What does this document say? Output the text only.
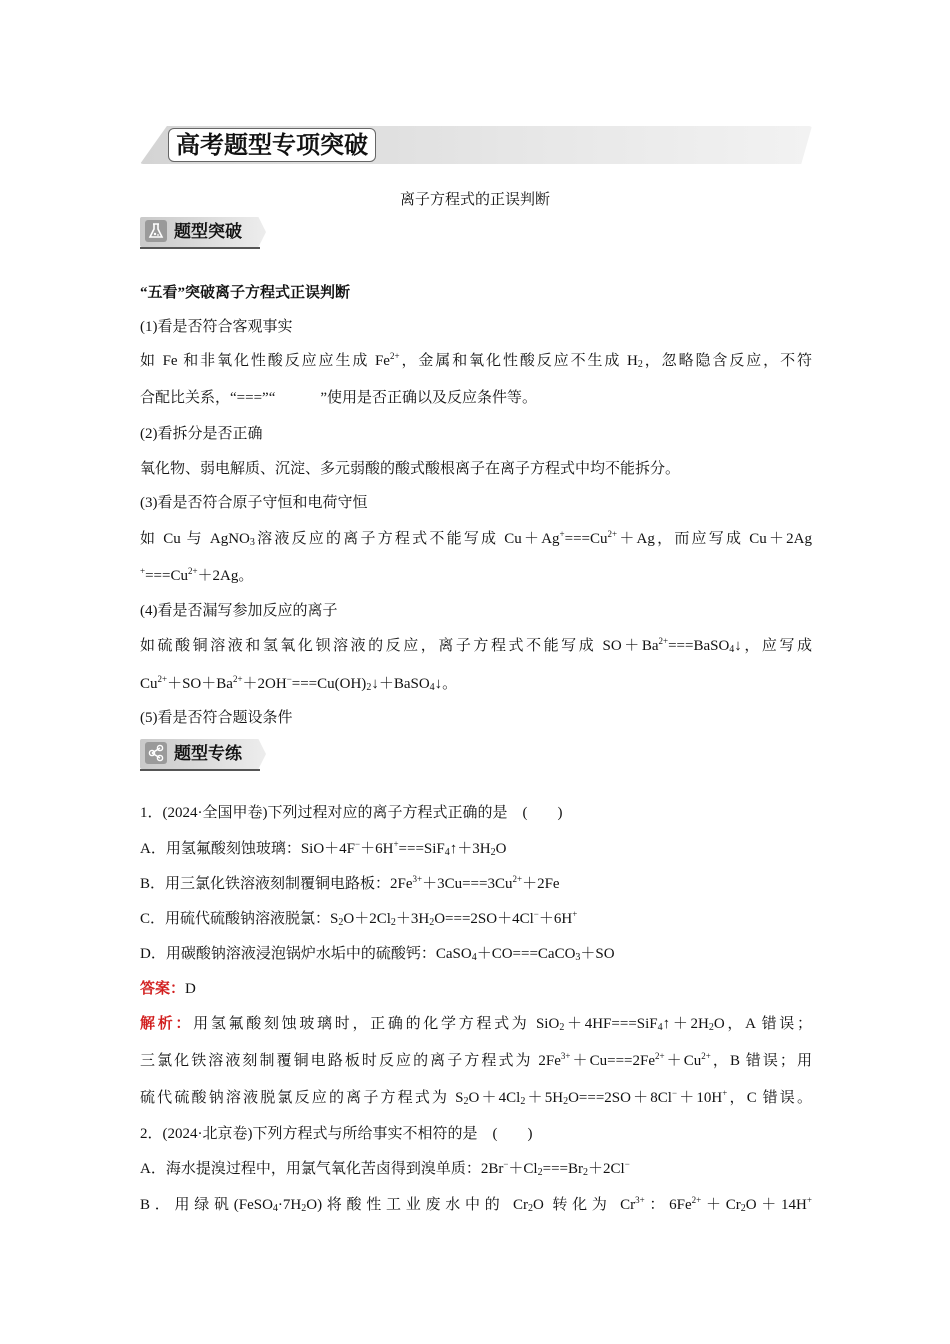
高考题型专项突破
离子方程式的正误判断
题型突破
“五看”突破离子方程式正误判断
(1)看是否符合客观事实
如 Fe 和非氧化性酸反应应生成 $Fe^{2+}$，金属和氧化性酸反应不生成 $H_2$，忽略隐含反应，不符
合配比关系，“===”“　　　”使用是否正确以及反应条件等。
(2)看拆分是否正确
氧化物、弱电解质、沉淀、多元弱酸的酸式酸根离子在离子方程式中均不能拆分。
(3)看是否符合原子守恒和电荷守恒
如 Cu 与 AgNO$_3$溶液反应的离子方程式不能写成 $Cu+Ag^+===Cu^{2+}+Ag$，而应写成 Cu＋2Ag
$^+===Cu^{2+}+2Ag$。
(4)看是否漏写参加反应的离子
如硫酸铜溶液和氢氧化钡溶液的反应，离子方程式不能写成 $SO+Ba^{2+}===BaSO_4↓$，应写成
$Cu^{2+}+SO+Ba^{2+}+2OH^-===Cu(OH)_2↓+BaSO_4↓$。
(5)看是否符合题设条件
题型专练
1．(2024·全国甲卷)下列过程对应的离子方程式正确的是　(　　)
A．用氢氟酸刻蚀玻璃：$SiO+4F^-+6H^+===SiF_4↑+3H_2O$
B．用三氯化铁溶液刻制覆铜电路板：$2Fe^{3+}+3Cu===3Cu^{2+}+2Fe$
C．用硫代硫酸钠溶液脱氯：$S_2O+2Cl_2+3H_2O===2SO+4Cl^-+6H^+$
D．用碳酸钠溶液浸泡锅炉水垢中的硫酸钙：CaSO$_4$＋CO===CaCO$_3$＋SO
答案：D
解析：用氢氟酸刻蚀玻璃时，正确的化学方程式为 $SiO_2+4HF===SiF_4↑+2H_2O$，A 错误；
三氯化铁溶液刻制覆铜电路板时反应的离子方程式为 $2Fe^{3+}+Cu===2Fe^{2+}+Cu^{2+}$，B 错误；用
硫代硫酸钠溶液脱氯反应的离子方程式为 $S_2O+4Cl_2+5H_2O===2SO+8Cl^-+10H^+$，C 错误。
2．(2024·北京卷)下列方程式与所给事实不相符的是　(　　)
A．海水提溴过程中，用氯气氧化苦卤得到溴单质：$2Br^-+Cl_2===Br_2+2Cl^-$
B．用绿矾$(FeSO_4\cdot 7H_2O)$将酸性工业废水中的 $Cr_2O$ 转化为 $Cr^{3+}$：$6Fe^{2+}+Cr_2O+14H^+$
